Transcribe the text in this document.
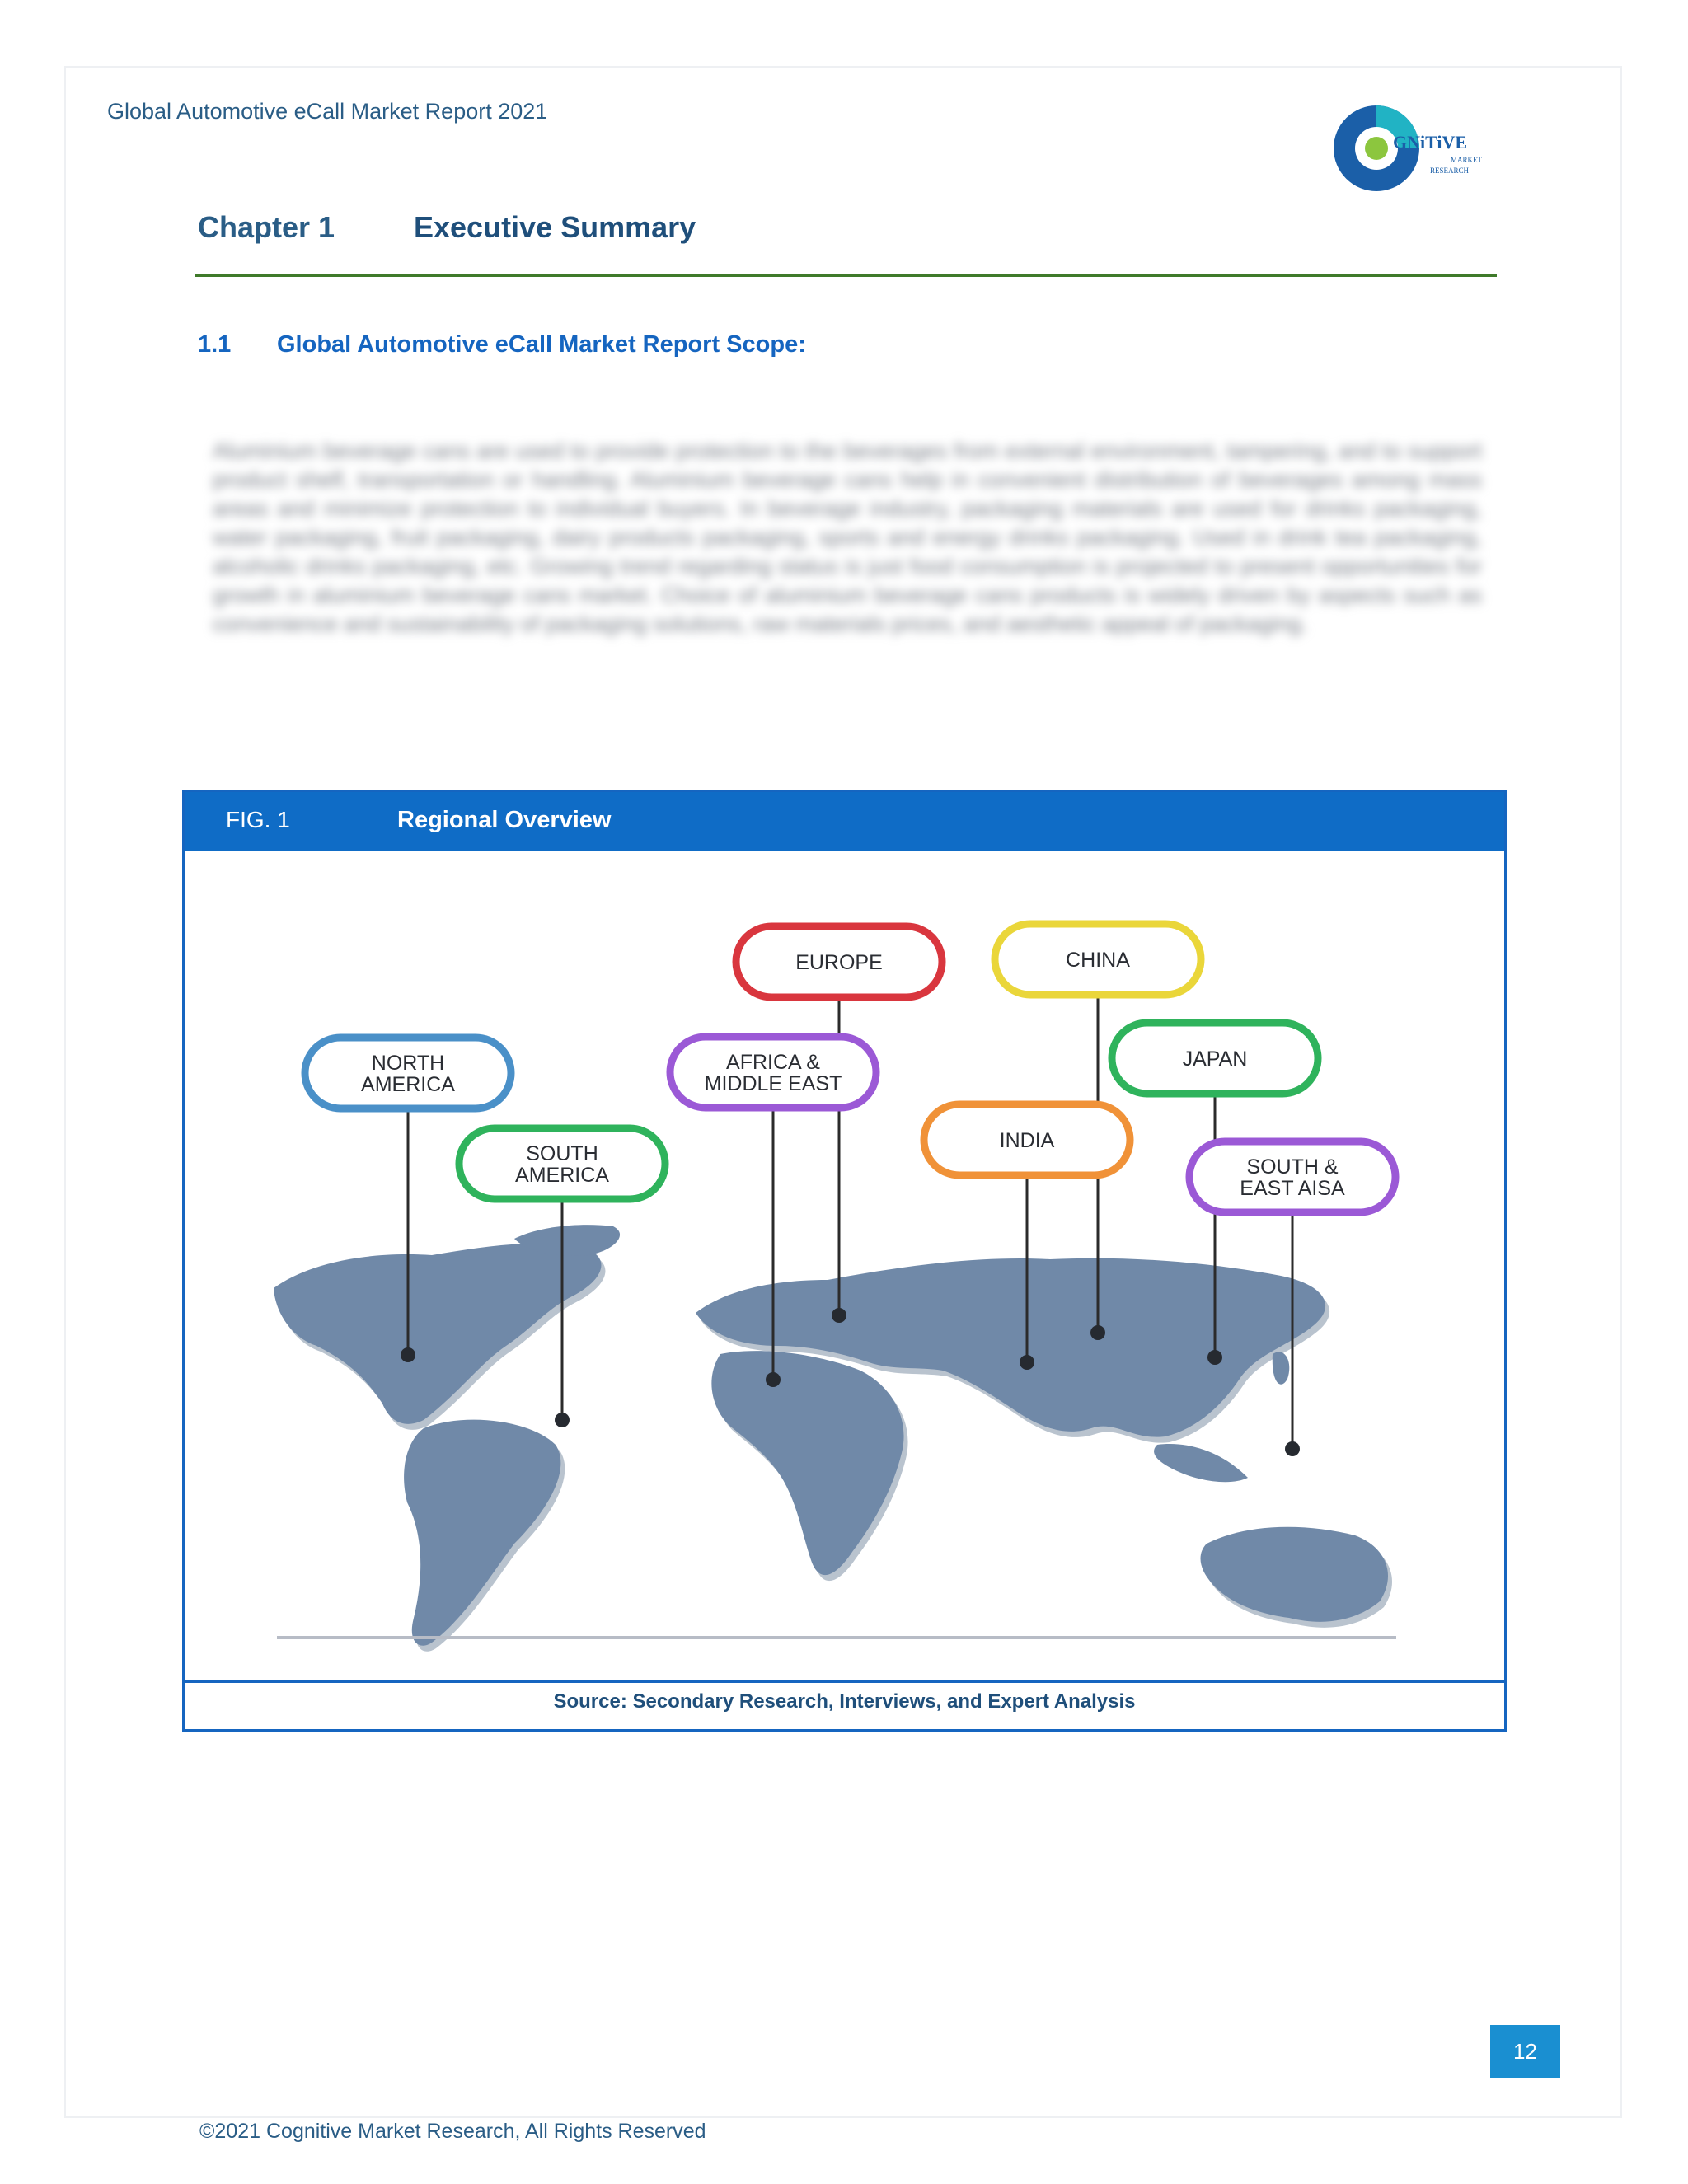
Global Automotive eCall Market Report 2021
GNiTiVE
MARKET
RESEARCH
Chapter 1	Executive Summary
1.1 Global Automotive eCall Market Report Scope:
Aluminium beverage cans are used to provide protection to the beverages from external environment, tampering, and to support product shelf, transportation or handling. Aluminium beverage cans help in convenient distribution of beverages among mass areas and minimize protection to individual buyers. In beverage industry, packaging materials are used for drinks packaging, water packaging, fruit packaging, dairy products packaging, sports and energy drinks packaging. Used in drink tea packaging, alcoholic drinks packaging, etc. Growing trend regarding status is just food consumption is projected to present opportunities for growth in aluminium beverage cans market. Choice of aluminium beverage cans products is widely driven by aspects such as convenience and sustainability of packaging solutions, raw materials prices, and aesthetic appeal of packaging.
FIG. 1	Regional Overview
NORTH
AMERICA
SOUTH
AMERICA
EUROPE
AFRICA &
MIDDLE EAST
CHINA
JAPAN
INDIA
SOUTH &
EAST AISA
Source: Secondary Research, Interviews, and Expert Analysis
12
©2021 Cognitive Market Research, All Rights Reserved
